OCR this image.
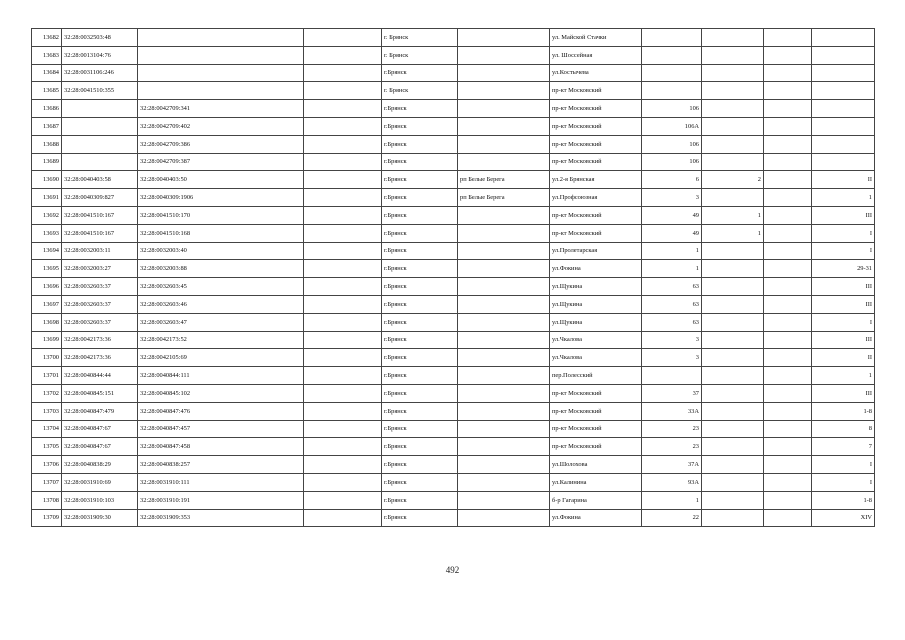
13682	32:28:0032503:48			г. Брянск		ул. Майской Стачки				
13683	32:28:0013104:76			г. Брянск		ул. Шоссейная				
13684	32:28:0031106:246			г.Брянск		ул.Костычева				
13685	32:28:0041510:355			г. Брянск		пр-кт Московский				
13686		32:28:0042709:341		г.Брянск		пр-кт Московский	106			
13687		32:28:0042709:402		г.Брянск		пр-кт Московский	106А			
13688		32:28:0042709:386		г.Брянск		пр-кт Московский	106			
13689		32:28:0042709:387		г.Брянск		пр-кт Московский	106			
13690	32:28:0040403:58	32:28:0040403:50		г.Брянск	рп Белые Берега	ул.2-я Брянская	6	2		II
13691	32:28:0040309:827	32:28:0040309:1906		г.Брянск	рп Белые Берега	ул.Профсоюзная	3			1
13692	32:28:0041510:167	32:28:0041510:170		г.Брянск		пр-кт Московский	49	1		III
13693	32:28:0041510:167	32:28:0041510:168		г.Брянск		пр-кт Московский	49	1		I
13694	32:28:0032003:11	32:28:0032003:40		г.Брянск		ул.Пролетарская	1			I
13695	32:28:0032003:27	32:28:0032003:88		г.Брянск		ул.Фокина	1			29-31
13696	32:28:0032603:37	32:28:0032603:45		г.Брянск		ул.Щукина	63			III
13697	32:28:0032603:37	32:28:0032603:46		г.Брянск		ул.Щукина	63			III
13698	32:28:0032603:37	32:28:0032603:47		г.Брянск		ул.Щукина	63			I
13699	32:28:0042173:36	32:28:0042173:52		г.Брянск		ул.Чкалова	3			III
13700	32:28:0042173:36	32:28:0042105:69		г.Брянск		ул.Чкалова	3			II
13701	32:28:0040844:44	32:28:0040844:111		г.Брянск		пер.Полесский				1
13702	32:28:0040845:151	32:28:0040845:102		г.Брянск		пр-кт Московский	37			III
13703	32:28:0040847:479	32:28:0040847:476		г.Брянск		пр-кт Московский	33А			1-8
13704	32:28:0040847:67	32:28:0040847:457		г.Брянск		пр-кт Московский	23			8
13705	32:28:0040847:67	32:28:0040847:458		г.Брянск		пр-кт Московский	23			7
13706	32:28:0040838:29	32:28:0040838:257		г.Брянск		ул.Шолохова	37А			I
13707	32:28:0031910:69	32:28:0031910:111		г.Брянск		ул.Калинина	93А			I
13708	32:28:0031910:103	32:28:0031910:191		г.Брянск		б-р Гагарина	1			1-8
13709	32:28:0031909:30	32:28:0031909:353		г.Брянск		ул.Фокина	22			XIV
492
